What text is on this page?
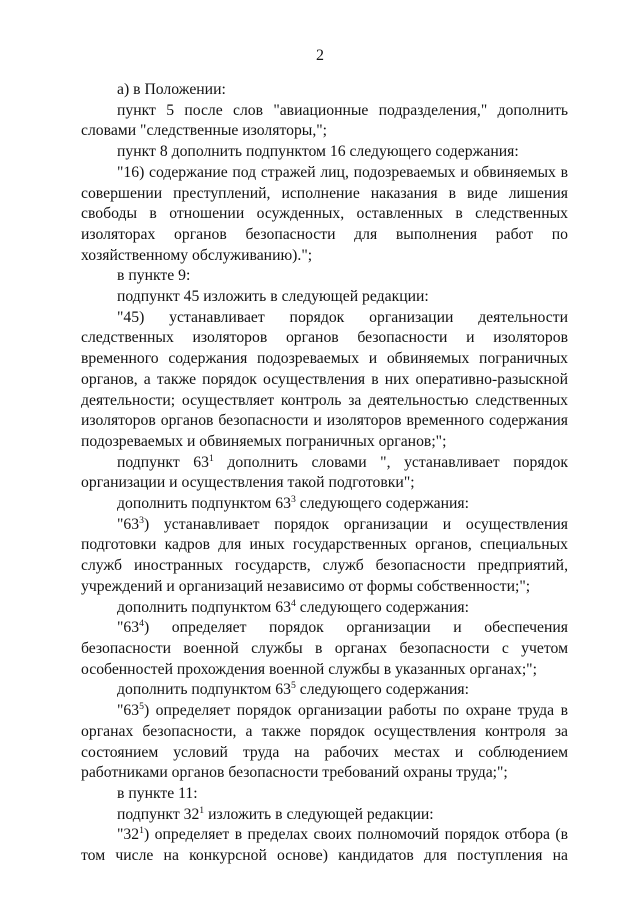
2

а) в Положении:

пункт 5 после слов "авиационные подразделения," дополнить словами "следственные изоляторы,";

пункт 8 дополнить подпунктом 16 следующего содержания:

"16) содержание под стражей лиц, подозреваемых и обвиняемых в совершении преступлений, исполнение наказания в виде лишения свободы в отношении осужденных, оставленных в следственных изоляторах органов безопасности для выполнения работ по хозяйственному обслуживанию).";

в пункте 9:

подпункт 45 изложить в следующей редакции:

"45) устанавливает порядок организации деятельности следственных изоляторов органов безопасности и изоляторов временного содержания подозреваемых и обвиняемых пограничных органов, а также порядок осуществления в них оперативно-разыскной деятельности; осуществляет контроль за деятельностью следственных изоляторов органов безопасности и изоляторов временного содержания подозреваемых и обвиняемых пограничных органов;";

подпункт $63^1$ дополнить словами ", устанавливает порядок организации и осуществления такой подготовки";

дополнить подпунктом $63^3$ следующего содержания:

"$63^3$) устанавливает порядок организации и осуществления подготовки кадров для иных государственных органов, специальных служб иностранных государств, служб безопасности предприятий, учреждений и организаций независимо от формы собственности;";

дополнить подпунктом $63^4$ следующего содержания:

"$63^4$) определяет порядок организации и обеспечения безопасности военной службы в органах безопасности с учетом особенностей прохождения военной службы в указанных органах;";

дополнить подпунктом $63^5$ следующего содержания:

"$63^5$) определяет порядок организации работы по охране труда в органах безопасности, а также порядок осуществления контроля за состоянием условий труда на рабочих местах и соблюдением работниками органов безопасности требований охраны труда;";

в пункте 11:

подпункт $32^1$ изложить в следующей редакции:

"$32^1$) определяет в пределах своих полномочий порядок отбора (в том числе на конкурсной основе) кандидатов для поступления на
